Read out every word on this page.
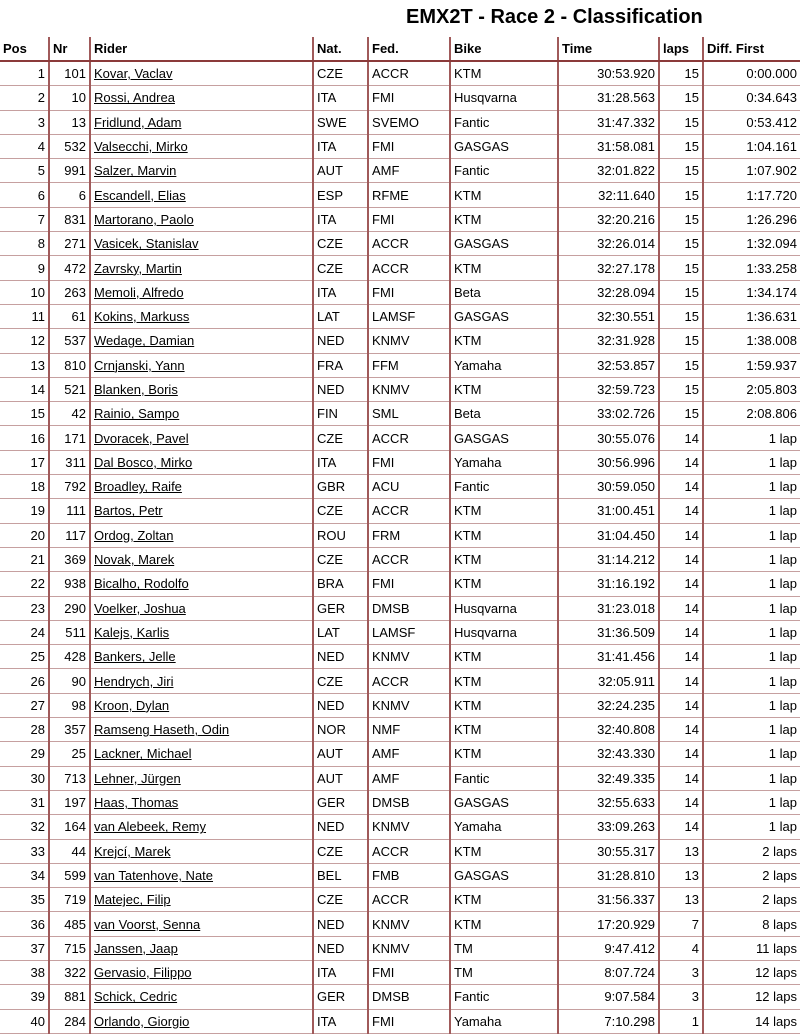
EMX2T - Race 2 - Classification
Pos	Nr	Rider	Nat.	Fed.	Bike	Time	laps	Diff. First
1	101	Kovar, Vaclav	CZE	ACCR	KTM	30:53.920	15	0:00.000
2	10	Rossi, Andrea	ITA	FMI	Husqvarna	31:28.563	15	0:34.643
3	13	Fridlund, Adam	SWE	SVEMO	Fantic	31:47.332	15	0:53.412
4	532	Valsecchi, Mirko	ITA	FMI	GASGAS	31:58.081	15	1:04.161
5	991	Salzer, Marvin	AUT	AMF	Fantic	32:01.822	15	1:07.902
6	6	Escandell, Elias	ESP	RFME	KTM	32:11.640	15	1:17.720
7	831	Martorano, Paolo	ITA	FMI	KTM	32:20.216	15	1:26.296
8	271	Vasicek, Stanislav	CZE	ACCR	GASGAS	32:26.014	15	1:32.094
9	472	Zavrsky, Martin	CZE	ACCR	KTM	32:27.178	15	1:33.258
10	263	Memoli, Alfredo	ITA	FMI	Beta	32:28.094	15	1:34.174
11	61	Kokins, Markuss	LAT	LAMSF	GASGAS	32:30.551	15	1:36.631
12	537	Wedage, Damian	NED	KNMV	KTM	32:31.928	15	1:38.008
13	810	Crnjanski, Yann	FRA	FFM	Yamaha	32:53.857	15	1:59.937
14	521	Blanken, Boris	NED	KNMV	KTM	32:59.723	15	2:05.803
15	42	Rainio, Sampo	FIN	SML	Beta	33:02.726	15	2:08.806
16	171	Dvoracek, Pavel	CZE	ACCR	GASGAS	30:55.076	14	1 lap
17	311	Dal Bosco, Mirko	ITA	FMI	Yamaha	30:56.996	14	1 lap
18	792	Broadley, Raife	GBR	ACU	Fantic	30:59.050	14	1 lap
19	111	Bartos, Petr	CZE	ACCR	KTM	31:00.451	14	1 lap
20	117	Ordog, Zoltan	ROU	FRM	KTM	31:04.450	14	1 lap
21	369	Novak, Marek	CZE	ACCR	KTM	31:14.212	14	1 lap
22	938	Bicalho, Rodolfo	BRA	FMI	KTM	31:16.192	14	1 lap
23	290	Voelker, Joshua	GER	DMSB	Husqvarna	31:23.018	14	1 lap
24	511	Kalejs, Karlis	LAT	LAMSF	Husqvarna	31:36.509	14	1 lap
25	428	Bankers, Jelle	NED	KNMV	KTM	31:41.456	14	1 lap
26	90	Hendrych, Jiri	CZE	ACCR	KTM	32:05.911	14	1 lap
27	98	Kroon, Dylan	NED	KNMV	KTM	32:24.235	14	1 lap
28	357	Ramseng Haseth, Odin	NOR	NMF	KTM	32:40.808	14	1 lap
29	25	Lackner, Michael	AUT	AMF	KTM	32:43.330	14	1 lap
30	713	Lehner, Jürgen	AUT	AMF	Fantic	32:49.335	14	1 lap
31	197	Haas, Thomas	GER	DMSB	GASGAS	32:55.633	14	1 lap
32	164	van Alebeek, Remy	NED	KNMV	Yamaha	33:09.263	14	1 lap
33	44	Krejcí, Marek	CZE	ACCR	KTM	30:55.317	13	2 laps
34	599	van Tatenhove, Nate	BEL	FMB	GASGAS	31:28.810	13	2 laps
35	719	Matejec, Filip	CZE	ACCR	KTM	31:56.337	13	2 laps
36	485	van Voorst, Senna	NED	KNMV	KTM	17:20.929	7	8 laps
37	715	Janssen, Jaap	NED	KNMV	TM	9:47.412	4	11 laps
38	322	Gervasio, Filippo	ITA	FMI	TM	8:07.724	3	12 laps
39	881	Schick, Cedric	GER	DMSB	Fantic	9:07.584	3	12 laps
40	284	Orlando, Giorgio	ITA	FMI	Yamaha	7:10.298	1	14 laps
